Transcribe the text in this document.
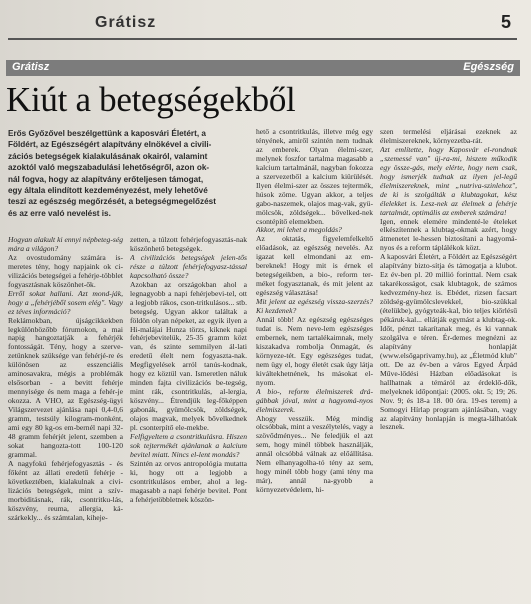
Grátisz	5
Grátisz	Egészség
Kiút a betegségekből
Erős Győzővel beszélgettünk a kaposvári Életért, a
Földért, az Egészségért alapítvány elnökével a civili-
zációs betegségek kialakulásának okairól, valamint
azoktól való megszabadulási lehetőségről, azon ok-
nál fogva, hogy az alapítvány erőteljesen támogat,
egy általa elindított kezdeményezést, mely lehetővé
teszi az egészség megőrzését, a betegségmegelőzést
és az erre való nevelést is.

Hogyan alakult ki ennyi népbeteg-ség mára a világon?

Az ovostudomány számára is-meretes tény, hogy napjaink ok ci-vilizációs betegségei a fehérje-többlet fogyasztásnak köszönhet-ők.

Erről sokat hallani. Azt mond-ják, hogy a „fehérjéből sosem elég". Vagy ez téves információ?

Reklámokban, újságcikkekben legkülönbözőbb fórumokon, a mai napig hangoztatják a fehérjék fontosságát. Tény, hogy a szerve-zetünknek szüksége van fehérjé-re és különösen az esszenciális aminosavakra, mégis a problémák elsősorban - a bevitt fehérje mennyisége és nem maga a fehér-je okozza. A VHO, az Egészség-ügyi Világszervezet ajánlása napi 0,4-0,6 gramm, testsúly kilogram-monként, ami egy 80 kg-os em-bernél napi 32-48 gramm fehérjét jelent, szemben a sokat hangozta-tott 100-120 grammal.

A nagyfokú fehérjefogyasztás - és főként az állati eredetű fehérje - következtében, kialakulnak a civi-lizációs betegségek, mint a szív-morbiditásnak, rák, csontritku-lás, köszvény, reuma, allergia, ká-szárkekly... és számtalan, kiheje-

zetten, a túlzott fehérjefogyasztás-nak köszönhető betegségek.

A civilizációs betegségek jelen-tős része a túlzott fehérjefogyasz-tással kapcsolható össze?

Azokban az országokban ahol a legnagyobb a napi fehérjebevi-tel, ott a legjobb rákos, cson-tritkulásos... stb. betegség. Ugyan akkor találtak a földön olyan népeket, az egyik ilyen a Hi-malájai Hunza törzs, kiknek napi fehérjebevitelük, 25-35 gramm közt van, és szinte semmilyen ál-lati eredetű élelt nem fogyaszta-nak. Megfigyelések arról tanús-kodnak, hogy ez köztül van. Ismeretlen náluk minden fajta civilizációs be-tegség, mint rák, csontritkulás, al-lergia, köszvény... Étrendjük leg-főképpen gabonák, gyümölcsök, zöldségek, olajos magvak, melyek bővelkednek pl. csonterpítő ele-mekbe.

Felfigyeltem a csontritkulásra. Hiszen sok tejtermékét ajánlanak a kalcium bevitel miatt. Nincs el-lent mondás?

Szintén az orvos antropológia mutatta ki, hogy ott a legjobb a csontritkulásos ember, ahol a leg-magasabb a napi fehérje bevitel. Pont a fehérjetöbbletnek köszön-

hető a csontritkulás, illetve még egy tényének, amiről szintén nem tudnak az emberek. Olyan élelmi-szer, melynek foszfor tartalma magasabb a kalcium tartalmánál, nagyban fokozza a szervezetből a kalcium kiürülését. Ilyen élelmi-szer az összes tejtermék, húsok zöme. Ugyan akkor, a teljes gabo-naszemek, olajos mag-vak, gyü-mölcsök, zöldségek... bővelked-nek csontépítő elemekben.

Akkor, mi lehet a megoldás?

Az oktatás, figyelemfelkeltő előadások, az egészség nevelés. Az igazat kell elmondani az em-bereknek! Hogy mit is érnek el betegségeikben, a bio-, reform ter-méket fogyasztanak, és mit jelent az egészség választása!

Mit jelent az egészség vissza-szerzés? Ki kezdenek?

Annál több! Az egészség egészséges tudat is. Nem neve-lem egészséges embernek, nem tartalékaimnak, mely kiszakadva rombolja Önmagát, és környeze-tét. Egy egészséges tudat, nem ügy el, hogy életét csak úgy látja kiváltekhetnének, hs másokat el-nyom.

A bio-, reform élelmiszerek drá-gábbak jóval, mint a hagyomá-nyos élelmiszerek.

Ahogy vesszük. Még mindig olcsóbbak, mint a veszélytelés, vagy a szövődményes... Ne feledjük el azt sem, hogy minél többek használják, annál olcsóbbá válnak az előállítása. Nem elhanyagolha-tó tény az sem, hogy minél több hogy (ami tény ma már), annál na-gyobb a környezetvédelem, hi-

szen termelési eljárásai ezeknek az élelmiszereknek, környezetba-rát.

Azt említette, hogy Kaposvár el-rondnak „szemessé van" új-ra-mi, hiszem műkodik egy össze-gás, mely elérte, hogy nem csak, hogy ismerjék tudnak az ilyen jel-legű élelmiszereknek, mint „nutriva-szinlehoz", de ki is szolgálták a klubtagokat, kész élelekket is. Lesz-nek az élelmek a fehérje tartalmát, optimális az emberek számára!

Igen, ennek elemére mindenté-le ételeket elkészítennek a klubtag-okmak azért, hogy átmenetet le-hessen biztosítani a hagyomá-nyos és a reform táplálékok közt.

A kaposvári Életért, a Földért az Egészségért alapítvány bizto-sítja és támogatja a klubot. Ez év-ben pl. 20 millió forinttal. Nem csak takarékosságot, csak klubtagok, de számos kedvezmény-hez is. Ebédet, rizsen facsart zöldség-gyümölcslevekkel, bio-szükkal (ételükbe), gyógyteák-kal, bio teljes kiőrlésű pékáruk-kal... ellátják egymást a klubtag-ok. Időt, pénzt takarítanak meg, és ki vannak szolgálva e téren. Ér-demes megnézni az alapítvány honlapját (www.elsőgaprivamy.hu), az „Életmód klub" ott. De az év-ben a város Egyed Árpád Műve-lődési Házban előadásokat is hallhatnak a témáról az érdeklő-dők, melyeknek időpontjai: (2005. okt. 5; 19; 26. Nov. 9; és 18-a 18. 00 óra. 19-es terem) a Somogyi Hírlap program ajánlásában, vagy az alapítvány honlapján is megta-lálhatóak lesznek.
